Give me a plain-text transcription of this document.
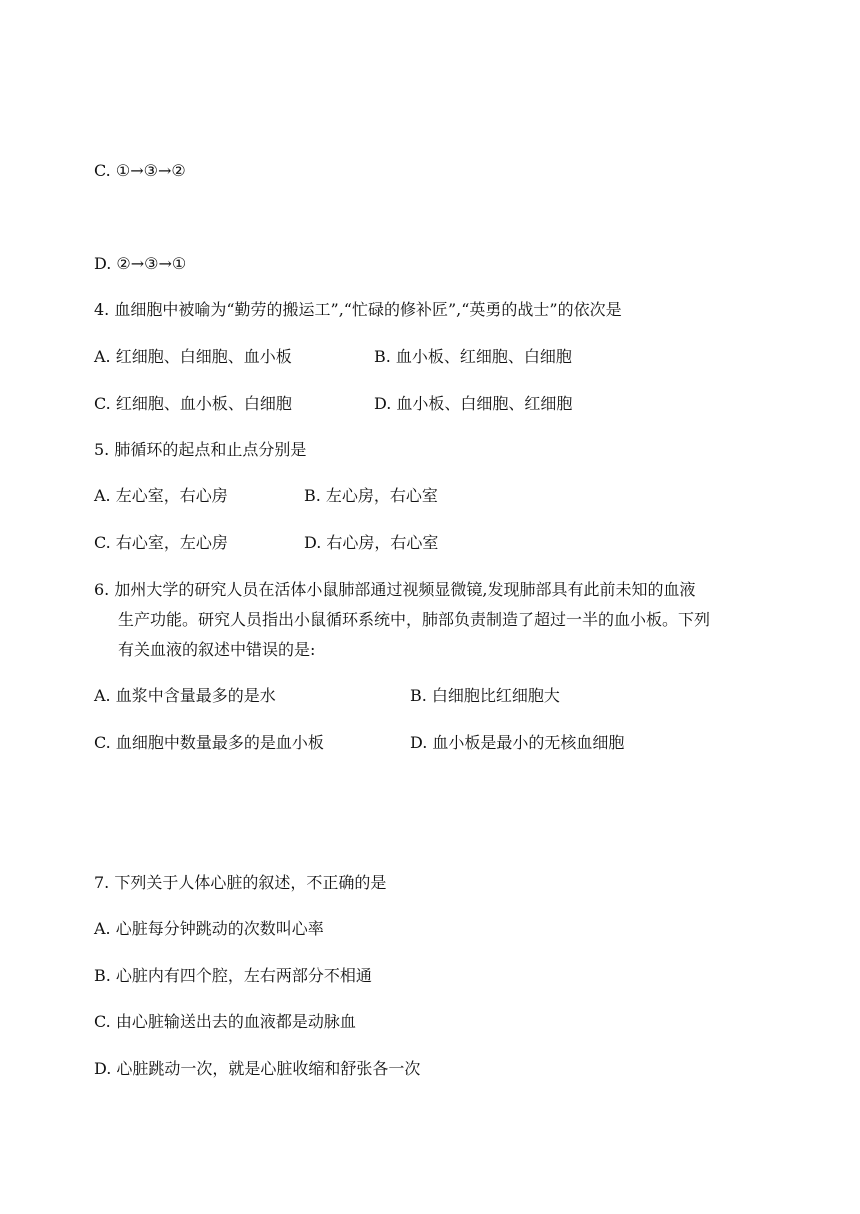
C. ①→③→②
D. ②→③→①
4. 血细胞中被喻为“勤劳的搬运工”,“忙碌的修补匠”,“英勇的战士”的依次是
A. 红细胞、白细胞、血小板	B. 血小板、红细胞、白细胞
C. 红细胞、血小板、白细胞	D. 血小板、白细胞、红细胞
5. 肺循环的起点和止点分别是
A. 左心室，右心房	B. 左心房，右心室
C. 右心室，左心房	D. 右心房，右心室
6. 加州大学的研究人员在活体小鼠肺部通过视频显微镜,发现肺部具有此前未知的血液
生产功能。研究人员指出小鼠循环系统中，肺部负责制造了超过一半的血小板。下列
有关血液的叙述中错误的是:
A. 血浆中含量最多的是水	B. 白细胞比红细胞大
C. 血细胞中数量最多的是血小板	D. 血小板是最小的无核血细胞
7. 下列关于人体心脏的叙述，不正确的是
A. 心脏每分钟跳动的次数叫心率
B. 心脏内有四个腔，左右两部分不相通
C. 由心脏输送出去的血液都是动脉血
D. 心脏跳动一次，就是心脏收缩和舒张各一次
